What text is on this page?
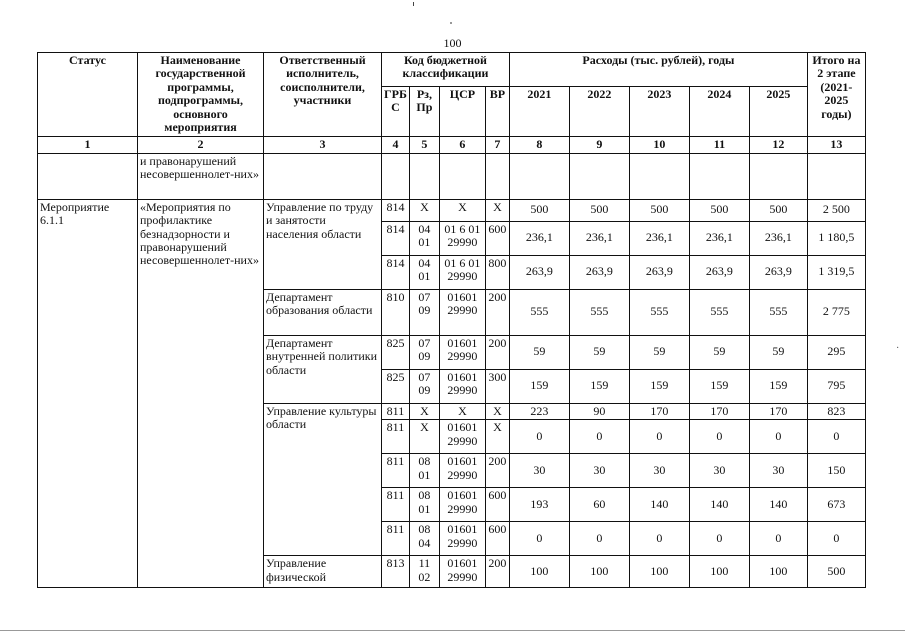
100
·
Статус	Наименование государственной программы, подпрограммы, основного мероприятия	Ответственный исполнитель, соисполнители, участники	Код бюджетной классификации				Расходы (тыс. рублей), годы					Итого на 2 этапе (2021-2025 годы)
			ГРБ С	Рз, Пр	ЦСР	ВР	2021	2022	2023	2024	2025	
1	2	3	4	5	6	7	8	9	10	11	12	13
	и правонарушений несовершеннолет-них»											
Мероприятие 6.1.1	«Мероприятия по профилактике безнадзорности и правонарушений несовершеннолет-них»	Управление по труду и занятости населения области	814	X	X	X	500	500	500	500	500	2 500
			814	04 01	01 6 01 29990	600	236,1	236,1	236,1	236,1	236,1	1 180,5
			814	04 01	01 6 01 29990	800	263,9	263,9	263,9	263,9	263,9	1 319,5
		Департамент образования области	810	07 09	01601 29990	200	555	555	555	555	555	2 775
		Департамент внутренней политики области	825	07 09	01601 29990	200	59	59	59	59	59	295
			825	07 09	01601 29990	300	159	159	159	159	159	795
		Управление культуры области	811	X	X	X	223	90	170	170	170	823
			811	X	01601 29990	X	0	0	0	0	0	0
			811	08 01	01601 29990	200	30	30	30	30	30	150
			811	08 01	01601 29990	600	193	60	140	140	140	673
			811	08 04	01601 29990	600	0	0	0	0	0	0
		Управление физической	813	11 02	01601 29990	200	100	100	100	100	100	500
